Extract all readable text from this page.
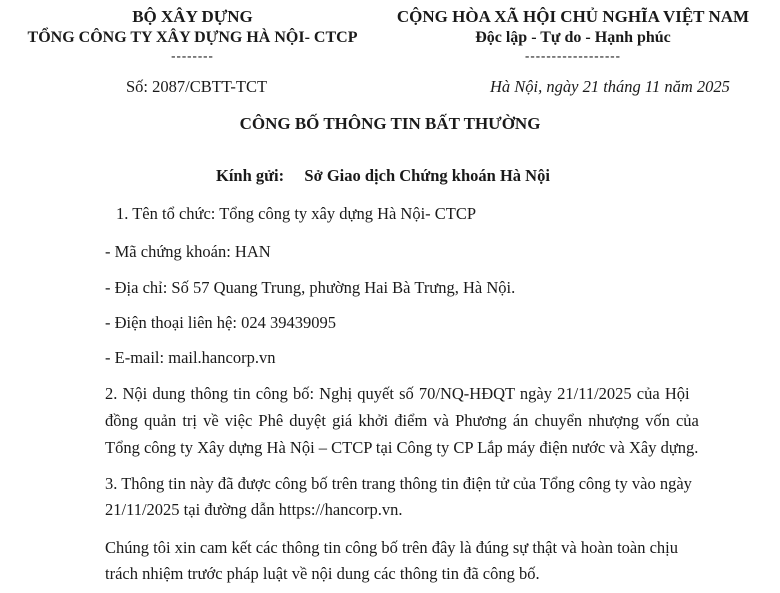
BỘ XÂY DỰNG
TỔNG CÔNG TY XÂY DỰNG HÀ NỘI- CTCP
--------
CỘNG HÒA XÃ HỘI CHỦ NGHĨA VIỆT NAM
Độc lập - Tự do - Hạnh phúc
------------------
Số: 2087/CBTT-TCT	Hà Nội, ngày 21 tháng 11 năm 2025
CÔNG BỐ THÔNG TIN BẤT THƯỜNG
Kính gửi: Sở Giao dịch Chứng khoán Hà Nội
1. Tên tổ chức: Tổng công ty xây dựng Hà Nội- CTCP
- Mã chứng khoán: HAN
- Địa chỉ: Số 57 Quang Trung, phường Hai Bà Trưng, Hà Nội.
- Điện thoại liên hệ: 024 39439095
- E-mail: mail.hancorp.vn
2. Nội dung thông tin công bố: Nghị quyết số 70/NQ-HĐQT ngày 21/11/2025 của Hội
đồng quản trị về việc Phê duyệt giá khởi điểm và Phương án chuyển nhượng vốn của
Tổng công ty Xây dựng Hà Nội – CTCP tại Công ty CP Lắp máy điện nước và Xây dựng.
3. Thông tin này đã được công bố trên trang thông tin điện tử của Tổng công ty vào ngày
21/11/2025 tại đường dẫn https://hancorp.vn.
Chúng tôi xin cam kết các thông tin công bố trên đây là đúng sự thật và hoàn toàn chịu
trách nhiệm trước pháp luật về nội dung các thông tin đã công bố.
